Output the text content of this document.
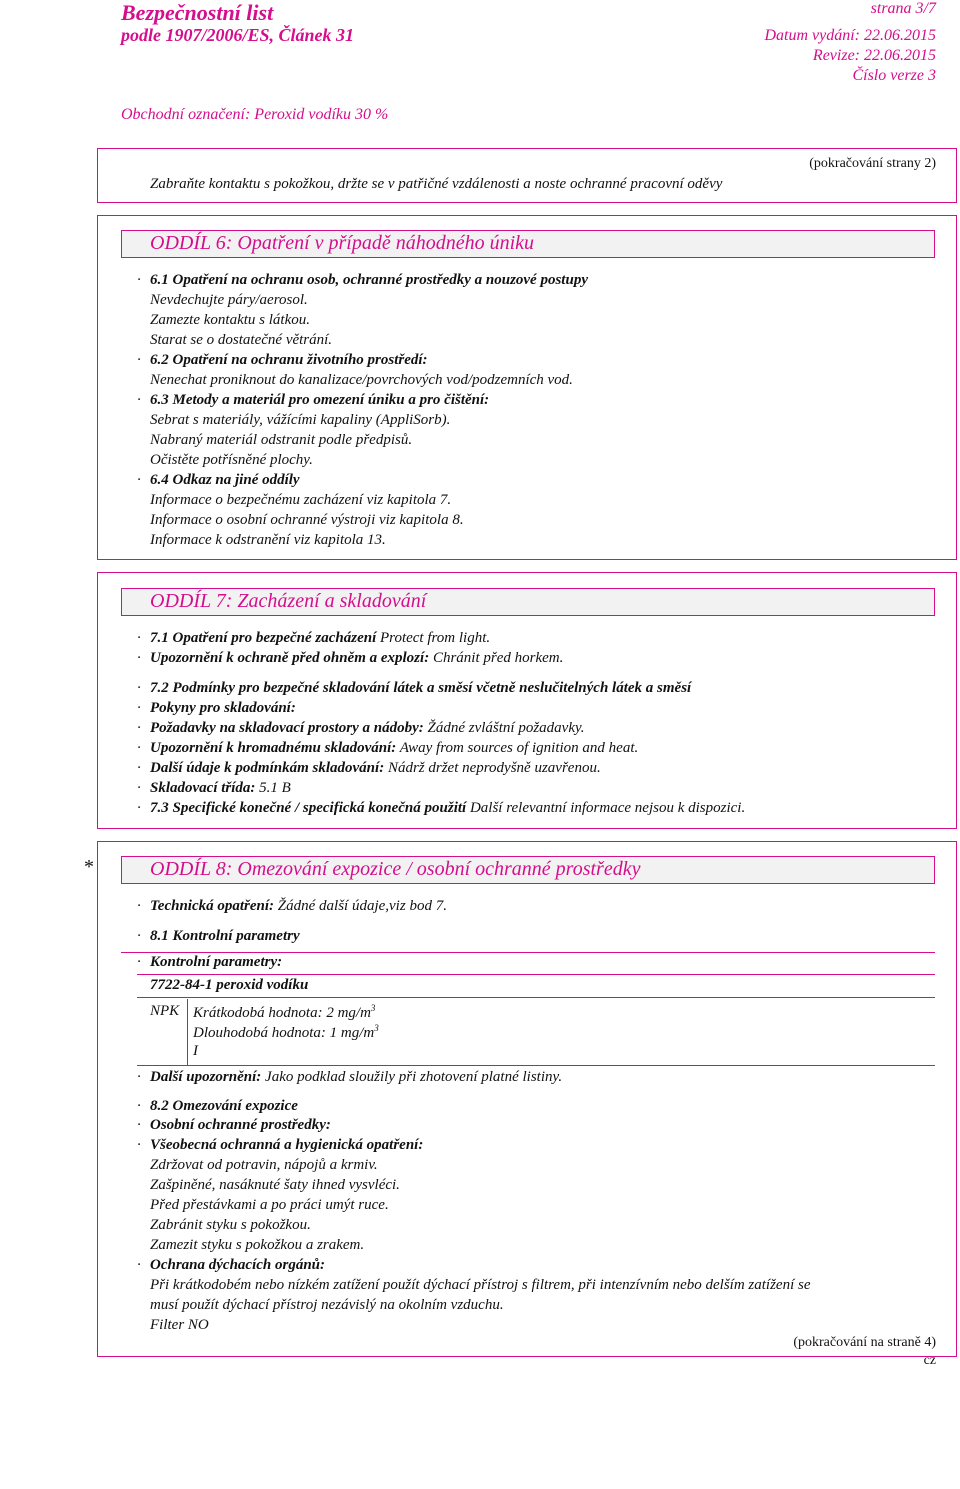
Bezpečnostní list
podle 1907/2006/ES, Článek 31
strana 3/7
Datum vydání: 22.06.2015
Revize: 22.06.2015
Číslo verze 3
Obchodní označení: Peroxid vodíku 30 %
(pokračování strany 2)
Zabraňte kontaktu s pokožkou, držte se v patřičné vzdálenosti a noste ochranné pracovní oděvy
ODDÍL 6: Opatření v případě náhodného úniku
· 6.1 Opatření na ochranu osob, ochranné prostředky a nouzové postupy
Nevdechujte páry/aerosol.
Zamezte kontaktu s látkou.
Starat se o dostatečné větrání.
· 6.2 Opatření na ochranu životního prostředí:
Nenechat proniknout do kanalizace/povrchových vod/podzemních vod.
· 6.3 Metody a materiál pro omezení úniku a pro čištění:
Sebrat s materiály, vážícími kapaliny (AppliSorb).
Nabraný materiál odstranit podle předpisů.
Očistěte potřísněné plochy.
· 6.4 Odkaz na jiné oddíly
Informace o bezpečnému zacházení viz kapitola 7.
Informace o osobní ochranné výstroji viz kapitola 8.
Informace k odstranění viz kapitola 13.
ODDÍL 7: Zacházení a skladování
· 7.1 Opatření pro bezpečné zacházení Protect from light.
· Upozornění k ochraně před ohněm a explozí: Chránit před horkem.
· 7.2 Podmínky pro bezpečné skladování látek a směsí včetně neslučitelných látek a směsí
· Pokyny pro skladování:
· Požadavky na skladovací prostory a nádoby: Žádné zvláštní požadavky.
· Upozornění k hromadnému skladování: Away from sources of ignition and heat.
· Další údaje k podmínkám skladování: Nádrž držet neprodyšně uzavřenou.
· Skladovací třída: 5.1 B
· 7.3 Specifické konečné / specifická konečná použití Další relevantní informace nejsou k dispozici.
*	ODDÍL 8: Omezování expozice / osobní ochranné prostředky
· Technická opatření: Žádné další údaje,viz bod 7.
· 8.1 Kontrolní parametry
· Kontrolní parametry:
7722-84-1 peroxid vodíku
NPK Krátkodobá hodnota: 2 $mg/m^3$
Dlouhodobá hodnota: 1 $mg/m^3$
I
· Další upozornění: Jako podklad sloužily při zhotovení platné listiny.
· 8.2 Omezování expozice
· Osobní ochranné prostředky:
· Všeobecná ochranná a hygienická opatření:
Zdržovat od potravin, nápojů a krmiv.
Zašpiněné, nasáknuté šaty ihned vysvléci.
Před přestávkami a po práci umýt ruce.
Zabránit styku s pokožkou.
Zamezit styku s pokožkou a zrakem.
· Ochrana dýchacích orgánů:
Při krátkodobém nebo nízkém zatížení použít dýchací přístroj s filtrem, při intenzívním nebo delším zatížení se
musí použít dýchací přístroj nezávislý na okolním vzduchu.
Filter NO
(pokračování na straně 4)
cz
